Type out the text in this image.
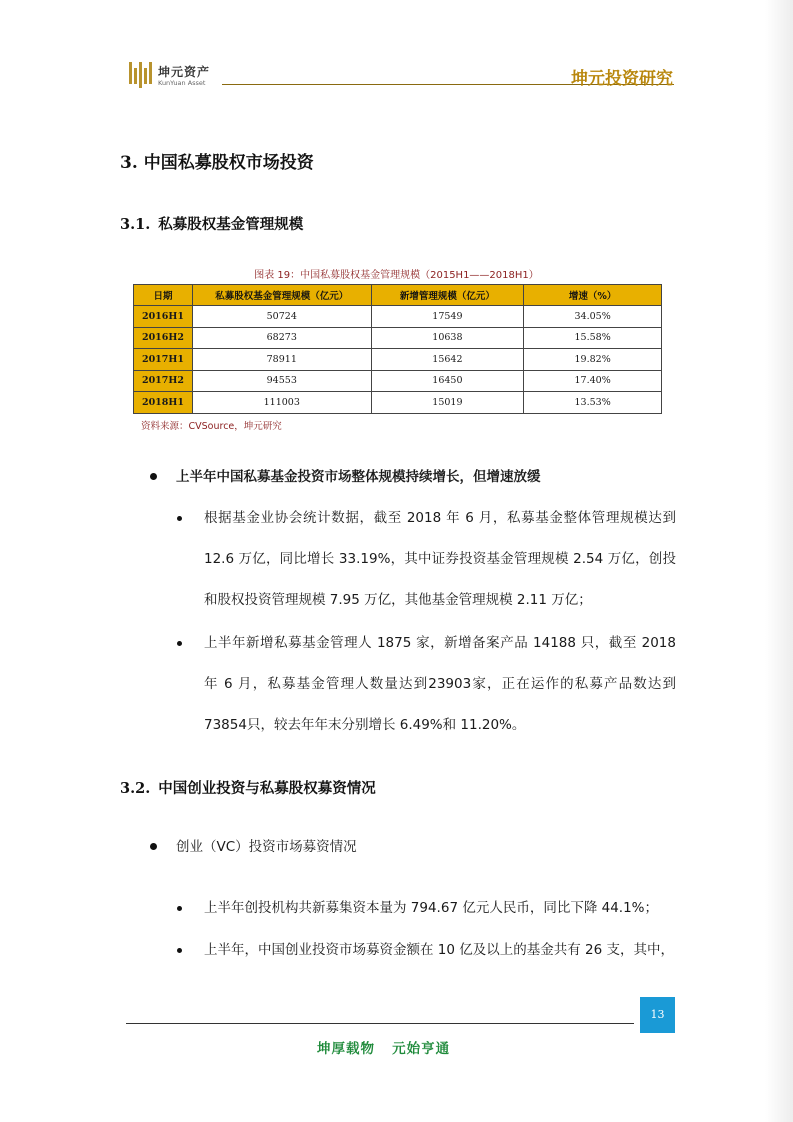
坤元资产
KunYuan Asset	坤元投资研究
3. 中国私募股权市场投资
3.1. 私募股权基金管理规模
图表 19：中国私募股权基金管理规模（2015H1——2018H1）
日期	私募股权基金管理规模（亿元）	新增管理规模（亿元）	增速（%）
2016H1	50724	17549	34.05%
2016H2	68273	10638	15.58%
2017H1	78911	15642	19.82%
2017H2	94553	16450	17.40%
2018H1	111003	15019	13.53%
资料来源：CVSource，坤元研究
上半年中国私募基金投资市场整体规模持续增长，但增速放缓
根据基金业协会统计数据，截至 2018 年 6 月，私募基金整体管理规模达到 12.6 万亿，同比增长 33.19%，其中证券投资基金管理规模 2.54 万亿，创投和股权投资管理规模 7.95 万亿，其他基金管理规模 2.11 万亿；
上半年新增私募基金管理人 1875 家，新增备案产品 14188 只，截至 2018 年 6 月，私募基金管理人数量达到23903家，正在运作的私募产品数达到73854只，较去年年末分别增长 6.49%和 11.20%。
3.2. 中国创业投资与私募股权募资情况
创业（VC）投资市场募资情况
上半年创投机构共新募集资本量为 794.67 亿元人民币，同比下降 44.1%；
上半年，中国创业投资市场募资金额在 10 亿及以上的基金共有 26 支，其中，
13
坤厚载物   元始亨通
